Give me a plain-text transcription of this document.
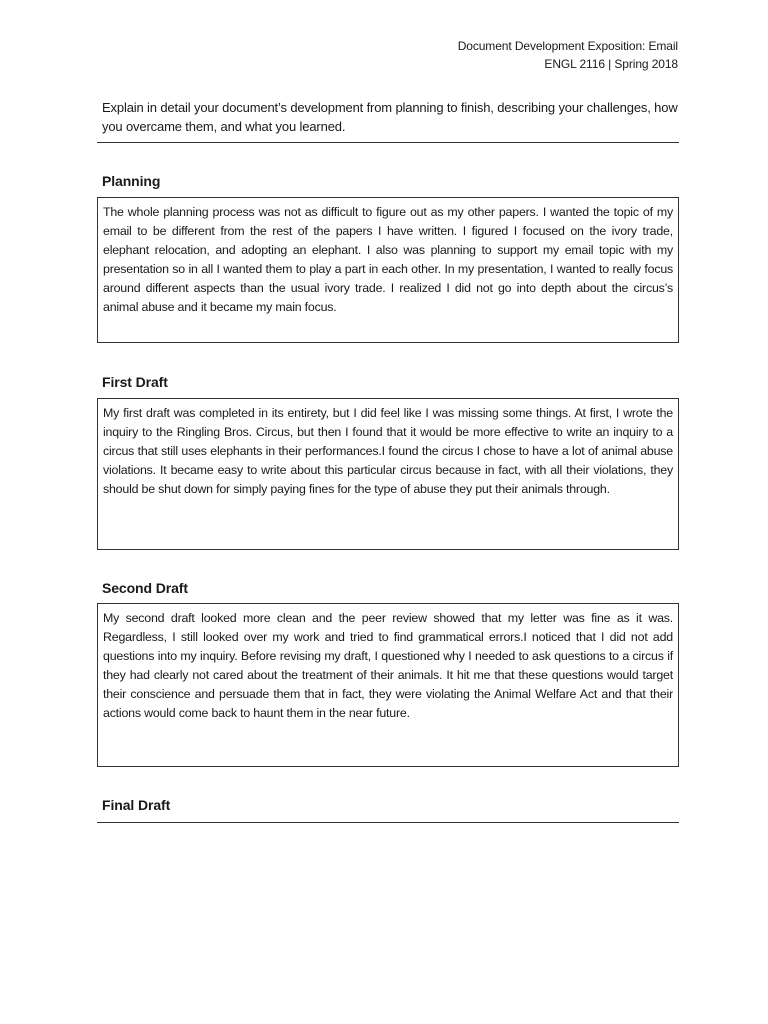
Document Development Exposition: Email
ENGL 2116 | Spring 2018
Explain in detail your document’s development from planning to finish, describing your challenges, how you overcame them, and what you learned.
Planning

The whole planning process was not as difficult to figure out as my other papers. I wanted the topic of my email to be different from the rest of the papers I have written. I figured I focused on the ivory trade, elephant relocation, and adopting an elephant. I also was planning to support my email topic with my presentation so in all I wanted them to play a part in each other. In my presentation, I wanted to really focus around different aspects than the usual ivory trade. I realized I did not go into depth about the circus’s animal abuse and it became my main focus.

First Draft

My first draft was completed in its entirety, but I did feel like I was missing some things. At first, I wrote the inquiry to the Ringling Bros. Circus, but then I found that it would be more effective to write an inquiry to a circus that still uses elephants in their performances.I found the circus I chose to have a lot of animal abuse violations. It became easy to write about this particular circus because in fact, with all their violations, they should be shut down for simply paying fines for the type of abuse they put their animals through.

Second Draft

My second draft looked more clean and the peer review showed that my letter was fine as it was. Regardless, I still looked over my work and tried to find grammatical errors.I noticed that I did not add questions into my inquiry. Before revising my draft, I questioned why I needed to ask questions to a circus if they had clearly not cared about the treatment of their animals. It hit me that these questions would target their conscience and persuade them that in fact, they were violating the Animal Welfare Act and that their actions would come back to haunt them in the near future.

Final Draft
